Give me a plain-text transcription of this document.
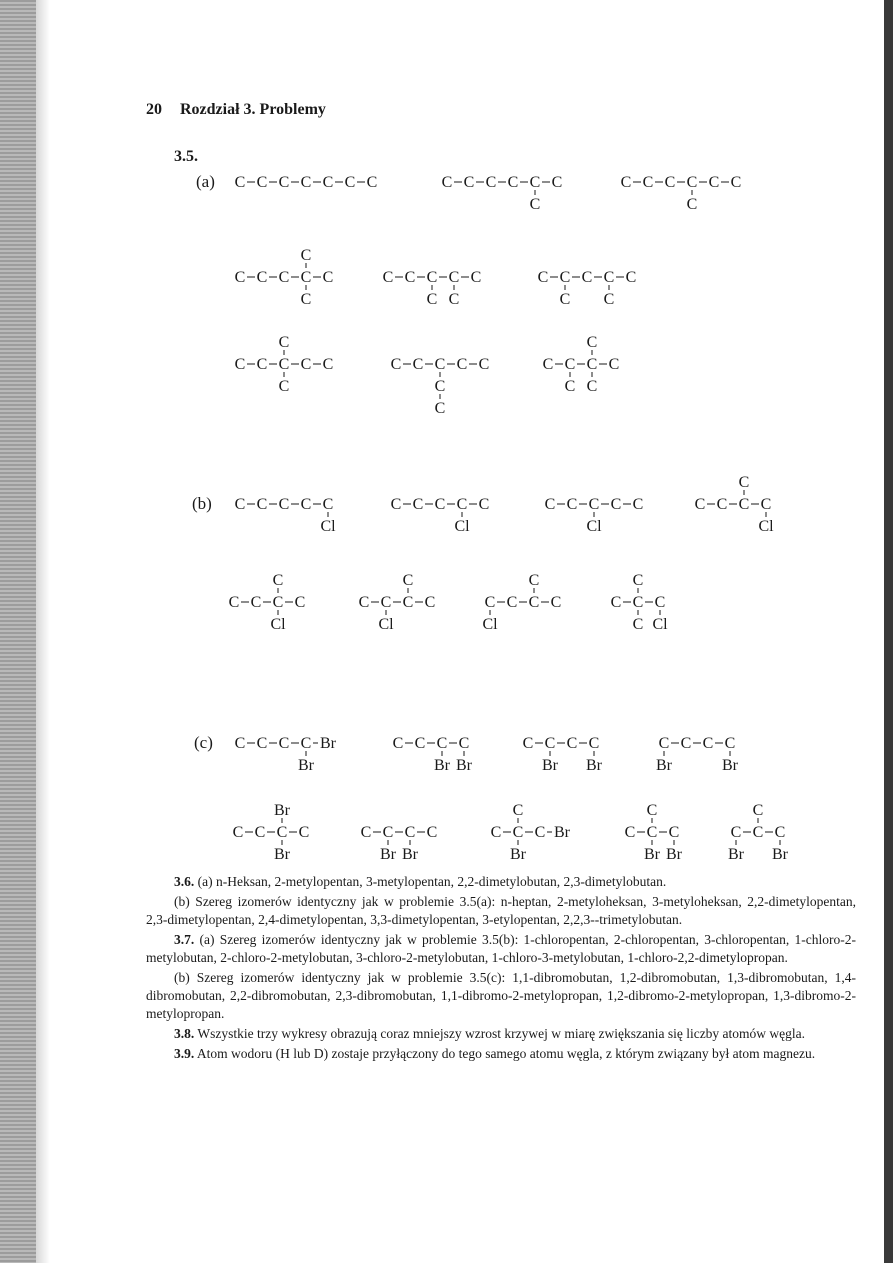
20 Rozdział 3. Problemy
3.5.
(a)
(b)
(c)
C C C C C C C	C C C C C C
C
C C C C C C
C
C C C C C
C
C
C C C C C
C C
C C C C C
C C
C C C C C
C
C
C C C C C
C
C
C C C C
C
C
C
C C C C C
Cl
C C C C C
Cl
C C C C C
Cl
C C C C
C
Cl
C C C C
C
Cl
C C C C
Cl
C
C C C C
Cl
C
C C C
C
C Cl
C C C C Br
Br
C C C C
Br Br
C C C C
Br Br
C C C C
Br	Br
C C C C
Br
Br
C C C C
Br Br
C C C Br
C
Br
C C C
C
Br Br
C C C
Br
C
Br

3.6. (a) n-Heksan, 2-metylopentan, 3-metylopentan, 2,2-dimetylobutan, 2,3-dimetylobutan.

(b) Szereg izomerów identyczny jak w problemie 3.5(a): n-heptan, 2-metyloheksan, 3-metyloheksan, 2,2-dimetylopentan, 2,3-dimetylopentan, 2,4-dimetylopentan, 3,3-dimetylopentan, 3-etylopentan, 2,2,3--trimetylobutan.

3.7. (a) Szereg izomerów identyczny jak w problemie 3.5(b): 1-chloropentan, 2-chloropentan, 3-chloropentan, 1-chloro-2-metylobutan, 2-chloro-2-metylobutan, 3-chloro-2-metylobutan, 1-chloro-3-metylobutan, 1-chloro-2,2-dimetylopropan.

(b) Szereg izomerów identyczny jak w problemie 3.5(c): 1,1-dibromobutan, 1,2-dibromobutan, 1,3-dibromobutan, 1,4-dibromobutan, 2,2-dibromobutan, 2,3-dibromobutan, 1,1-dibromo-2-metylopropan, 1,2-dibromo-2-metylopropan, 1,3-dibromo-2-metylopropan.

3.8. Wszystkie trzy wykresy obrazują coraz mniejszy wzrost krzywej w miarę zwiększania się liczby atomów węgla.

3.9. Atom wodoru (H lub D) zostaje przyłączony do tego samego atomu węgla, z którym związany był atom magnezu.
